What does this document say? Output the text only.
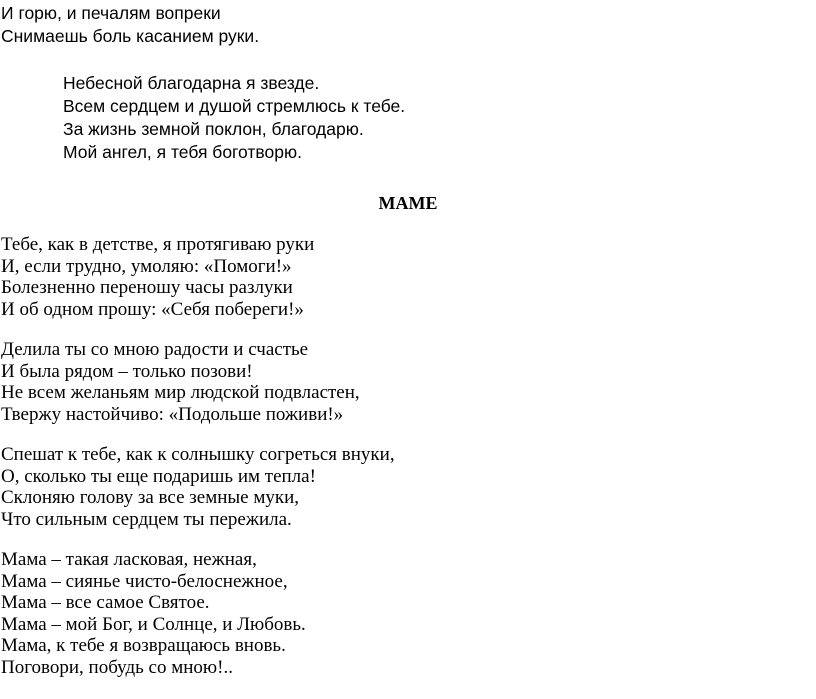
И горю, и печалям вопреки
Снимаешь боль касанием руки.
Небесной благодарна я звезде.
Всем сердцем и душой стремлюсь к тебе.
За жизнь земной поклон, благодарю.
Мой ангел, я тебя боготворю.
МАМЕ
Тебе, как в детстве, я протягиваю руки
И, если трудно, умоляю: «Помоги!»
Болезненно переношу часы разлуки
И об одном прошу: «Себя побереги!»
Делила ты со мною радости и счастье
И была рядом – только позови!
Не всем желаньям мир людской подвластен,
Твержу настойчиво: «Подольше поживи!»
Спешат к тебе, как к солнышку согреться внуки,
О, сколько ты еще подаришь им тепла!
Склоняю голову за все земные муки,
Что сильным сердцем ты пережила.
Мама – такая ласковая, нежная,
Мама – сиянье чисто-белоснежное,
Мама – все самое Святое.
Мама – мой Бог, и Солнце, и Любовь.
Мама, к тебе я возвращаюсь вновь.
Поговори, побудь со мною!..
